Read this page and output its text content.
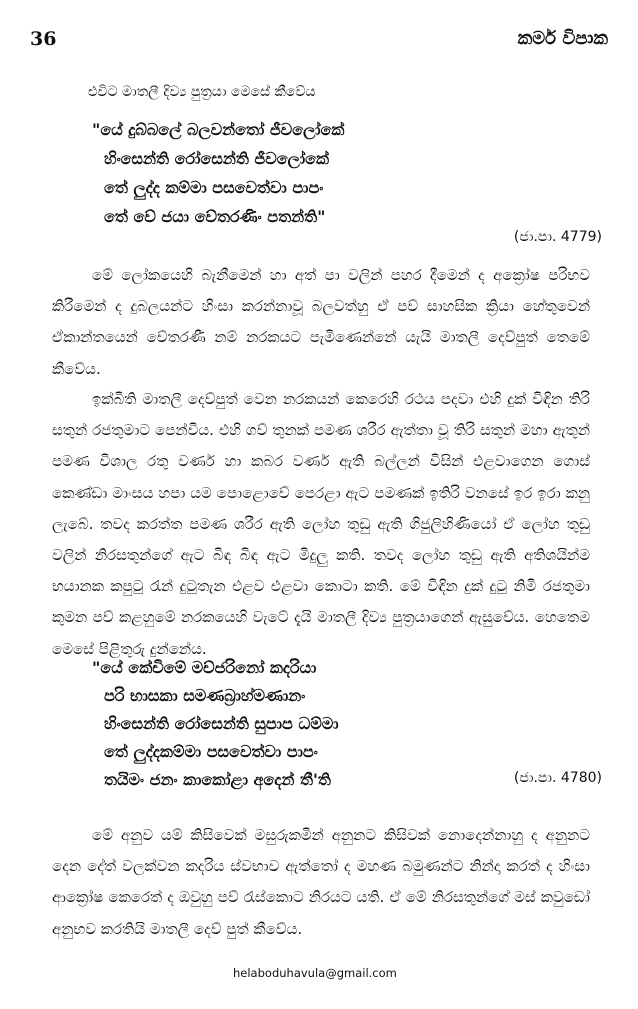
36	කර්ම විපාක
එවිට මාතලී දිව්‍ය පුත්‍රයා මෙසේ කීවේය
"යේ දුබ්බලේ බලවන්තෝ ජීවලෝකේ
හිංසෙන්ති රෝසෙන්ති ජීවලෝකේ
තේ ලුද්ද කම්මා පසවෙත්වා පාපං
තේ වේ ජයා වේතරණිං පතන්ති"
(ජා.පා. 4779)

මේ ලෝකයෙහි බැනීමෙන් හා අත් පා වලින් පහර දීමෙන් ද අක්‍රෝෂ පරිභව කිරීමෙන් ද දුබලයන්ට හිංසා කරන්නාවූ බලවත්හු ඒ පව් සාහසික ක්‍රියා හේතුවෙන් ඒකාන්තයෙන් වේතරණී නම් නරකයට පැමිණෙන්නේ යැයි මාතලී දෙව්පුත් තෙමේ කීවේය.

ඉක්බිති මාතලී දෙව්පුත් වෙන නරකයන් කෙරෙහි රථය පදවා එහි දුක් විඳින තිරි සතුන් රජතුමාට පෙන්වීය. එහි ගව් තුනක් පමණ ශරීර ඇත්තා වූ තිරි සතුන් මහා ඇතුන් පමණ විශාල රතු වර්ණ හා කබර වර්ණ ඇති බල්ලන් විසින් එළවාගෙන ගොස් කෙණ්ඩා මාංසය හපා යම පොළොවේ පෙරළා ඇට පමණක් ඉතිරි වනසේ ඉර ඉරා කනු ලැබේ. තවද කරත්ත පමණ ශරීර ඇති ලෝහ තුඩු ඇති ගිජුලිහිණියෝ ඒ ලෝහ තුඩු වලින් නිරසතුන්ගේ ඇට බිඳ බිඳ ඇට මිදුලු කති. තවද ලෝහ තුඩු ඇති අතිශයින්ම භයානක කපුටු රැන් දුටුතැන එළව එළවා කොටා කති. මේ විඳින දුක් දුටු නිමි රජතුමා කුමන පව් කළහුමේ නරකයෙහි වැටේ දැයි මාතලී දිව්‍ය පුත්‍රයාගෙන් ඇසුවේය. හෙතෙම මෙසේ පිළිතුරු දුන්නේය.

"යේ කේචිමේ මච්ජරිනෝ කදරියා
පරි භාසකා සමණබ්‍රාහ්මණානං
හිංසෙන්ති රෝසෙන්ති සුපාප ධම්මා
තේ ලුද්දකම්මා පසවෙත්වා පාපං
තයිමං ජනං කාකෝළා අදෙන් තී'ති	(ජා.පා. 4780)

මේ අනුව යම් කිසිවෙක් මසුරුකමින් අනුනට කිසිවක් නොදෙන්නාහු ද අනුනට දෙන දේත් වලක්වන කදරිය ස්වභාව ඇත්තෝ ද මහණ බමුණන්ට නින්දා කරත් ද හිංසා ආක්‍රෝෂ කෙරෙත් ද ඔවුහු පව් රැස්කොට නිරයට යති. ඒ මේ නිරසතුන්ගේ මස් කවුඩෝ අනුභව කරතියි මාතලී දෙව් පුත් කීවේය.

helaboduhavula@gmail.com
